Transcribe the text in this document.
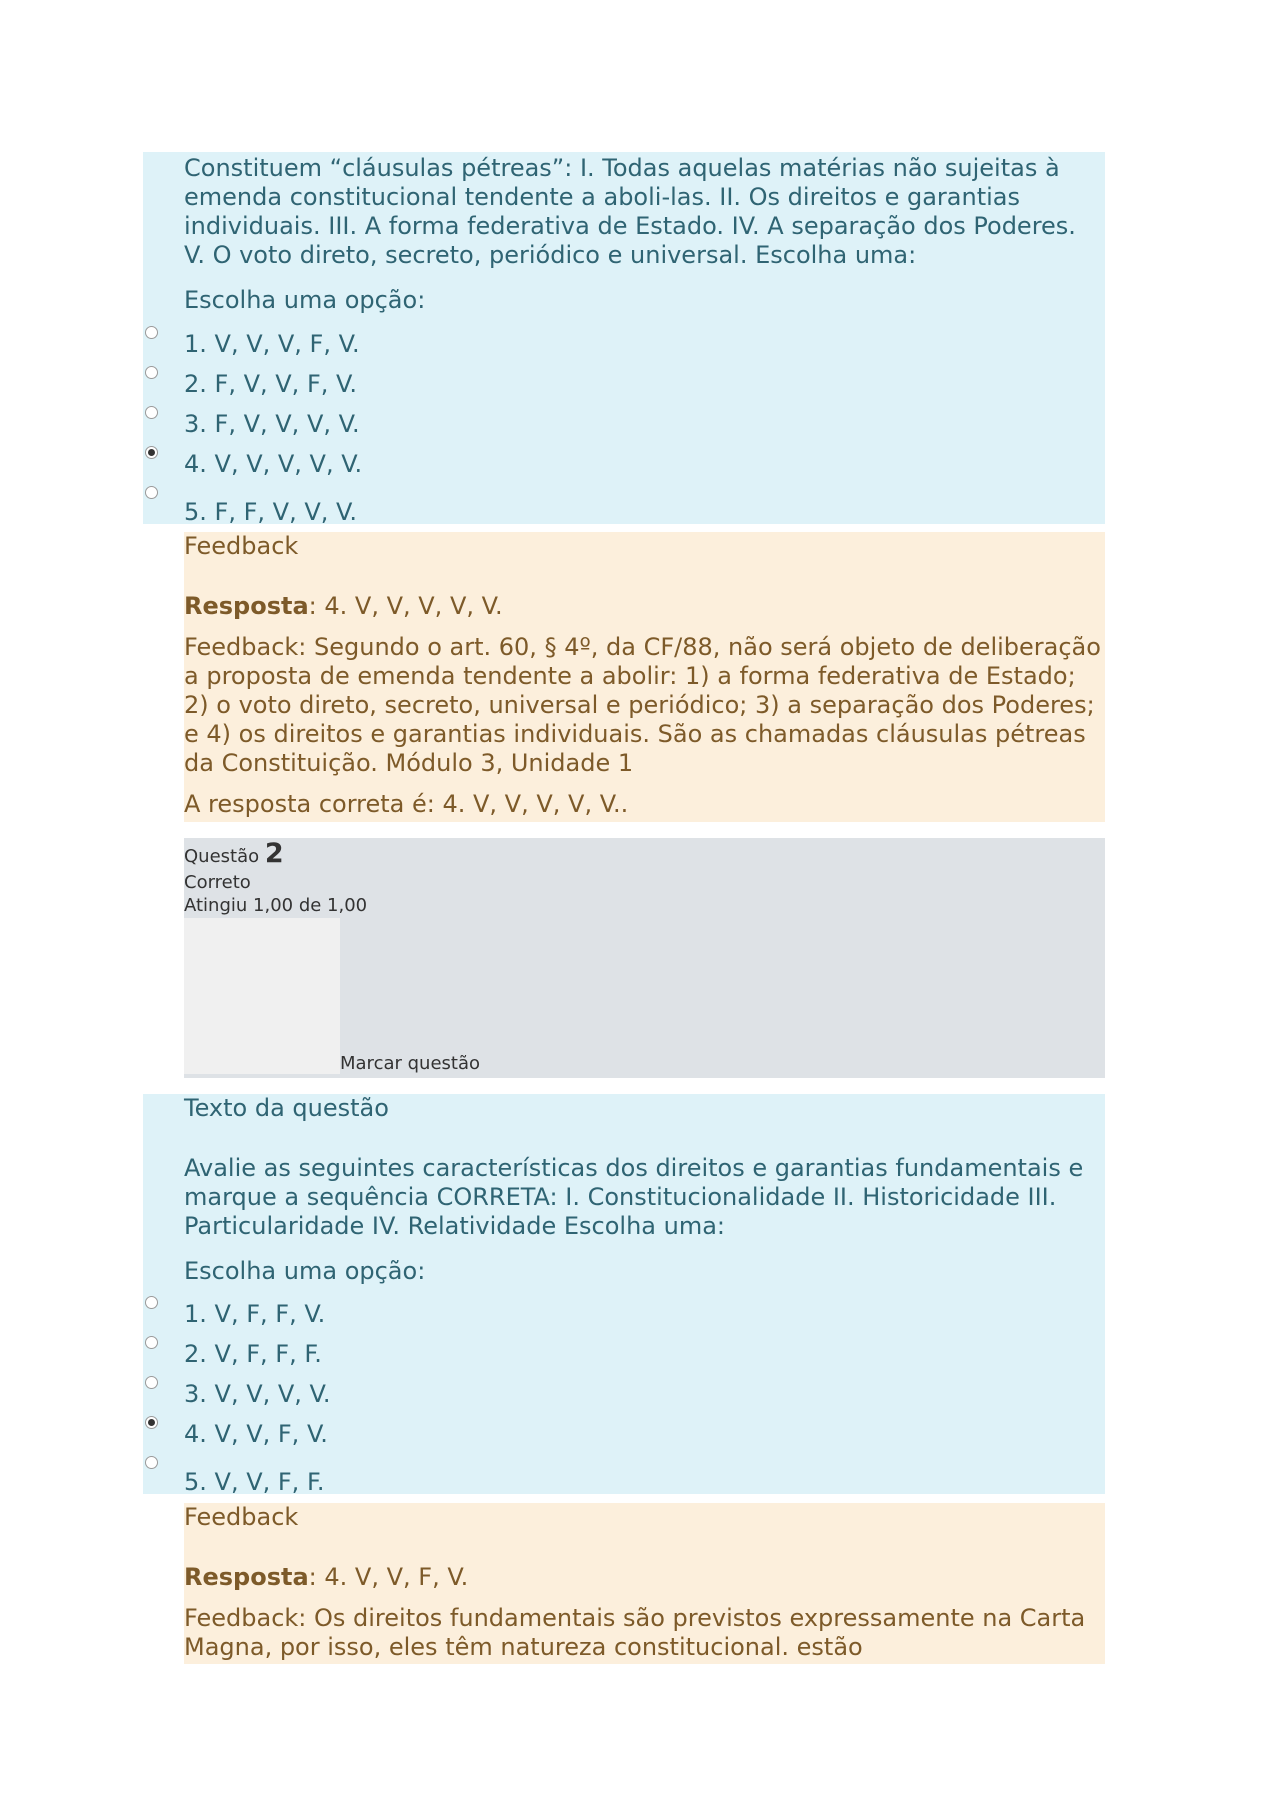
Constituem “cláusulas pétreas”: I. Todas aquelas matérias não sujeitas à emenda constitucional tendente a aboli-las. II. Os direitos e garantias individuais. III. A forma federativa de Estado. IV. A separação dos Poderes. V. O voto direto, secreto, periódico e universal. Escolha uma:

Escolha uma opção:

1. V, V, V, F, V.
2. F, V, V, F, V.
3. F, V, V, V, V.
4. V, V, V, V, V.
5. F, F, V, V, V.

Feedback

Resposta: 4. V, V, V, V, V.

Feedback: Segundo o art. 60, § 4º, da CF/88, não será objeto de deliberação a proposta de emenda tendente a abolir: 1) a forma federativa de Estado; 2) o voto direto, secreto, universal e periódico; 3) a separação dos Poderes; e 4) os direitos e garantias individuais. São as chamadas cláusulas pétreas da Constituição. Módulo 3, Unidade 1

A resposta correta é: 4. V, V, V, V, V..

Questão 2
Correto
Atingiu 1,00 de 1,00
Marcar questão

Texto da questão

Avalie as seguintes características dos direitos e garantias fundamentais e marque a sequência CORRETA: I. Constitucionalidade II. Historicidade III. Particularidade IV. Relatividade Escolha uma:

Escolha uma opção:

1. V, F, F, V.
2. V, F, F, F.
3. V, V, V, V.
4. V, V, F, V.
5. V, V, F, F.

Feedback

Resposta: 4. V, V, F, V.

Feedback: Os direitos fundamentais são previstos expressamente na Carta Magna, por isso, eles têm natureza constitucional. estão
